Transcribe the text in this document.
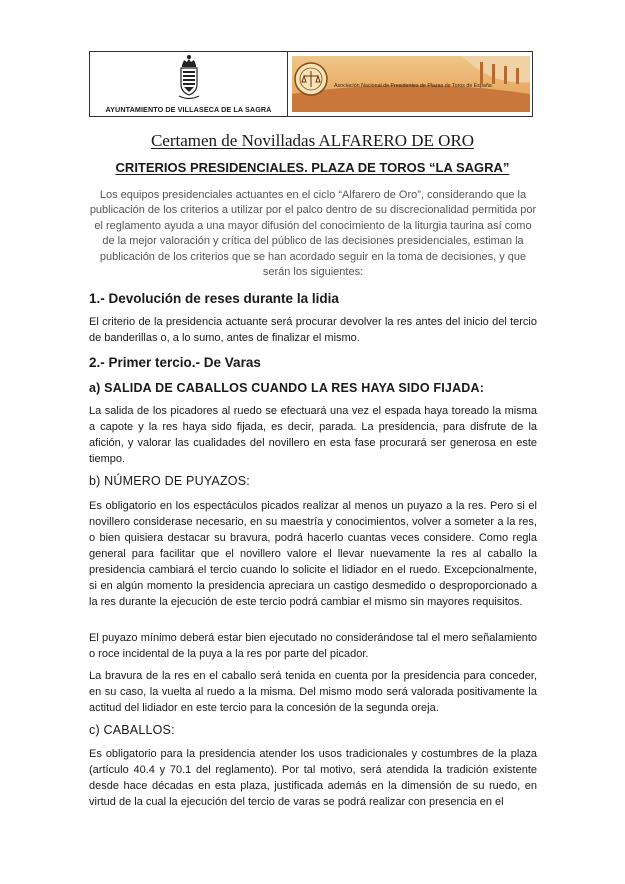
AYUNTAMIENTO DE VILLASECA DE LA SAGRA
Asociación Nacional de Presidentes de Plazas de Toros de España
Certamen de Novilladas ALFARERO DE ORO
CRITERIOS PRESIDENCIALES. PLAZA DE TOROS “LA SAGRA”
Los equipos presidenciales actuantes en el ciclo “Alfarero de Oro”, considerando que la publicación de los criterios a utilizar por el palco dentro de su discrecionalidad permitida por el reglamento ayuda a una mayor difusión del conocimiento de la liturgia taurina así como de la mejor valoración y crítica del público de las decisiones presidenciales, estiman la publicación de los criterios que se han acordado seguir en la toma de decisiones, y que serán los siguientes:
1.- Devolución de reses durante la lidia
El criterio de la presidencia actuante será procurar devolver la res antes del inicio del tercio de banderillas o, a lo sumo, antes de finalizar el mismo.
2.- Primer tercio.- De Varas
a) SALIDA DE CABALLOS CUANDO LA RES HAYA SIDO FIJADA:
La salida de los picadores al ruedo se efectuará una vez el espada haya toreado la misma a capote y la res haya sido fijada, es decir, parada. La presidencia, para disfrute de la afición, y valorar las cualidades del novillero en esta fase procurará ser generosa en este tiempo.
b) NÚMERO DE PUYAZOS:
Es obligatorio en los espectáculos picados realizar al menos un puyazo a la res. Pero si el novillero considerase necesario, en su maestría y conocimientos, volver a someter a la res, o bien quisiera destacar su bravura, podrá hacerlo cuantas veces considere. Como regla general para facilitar que el novillero valore el llevar nuevamente la res al caballo la presidencia cambiará el tercio cuando lo solicite el lidiador en el ruedo. Excepcionalmente, si en algún momento la presidencia apreciara un castigo desmedido o desproporcionado a la res durante la ejecución de este tercio podrá cambiar el mismo sin mayores requisitos.
El puyazo mínimo deberá estar bien ejecutado no considerándose tal el mero señalamiento o roce incidental de la puya a la res por parte del picador.
La bravura de la res en el caballo será tenida en cuenta por la presidencia para conceder, en su caso, la vuelta al ruedo a la misma. Del mismo modo será valorada positivamente la actitud del lidiador en este tercio para la concesión de la segunda oreja.
c) CABALLOS:
Es obligatorio para la presidencia atender los usos tradicionales y costumbres de la plaza (artículo 40.4 y 70.1 del reglamento). Por tal motivo, será atendida la tradición existente desde hace décadas en esta plaza, justificada además en la dimensión de su ruedo, en virtud de la cual la ejecución del tercio de varas se podrá realizar con presencia en el
